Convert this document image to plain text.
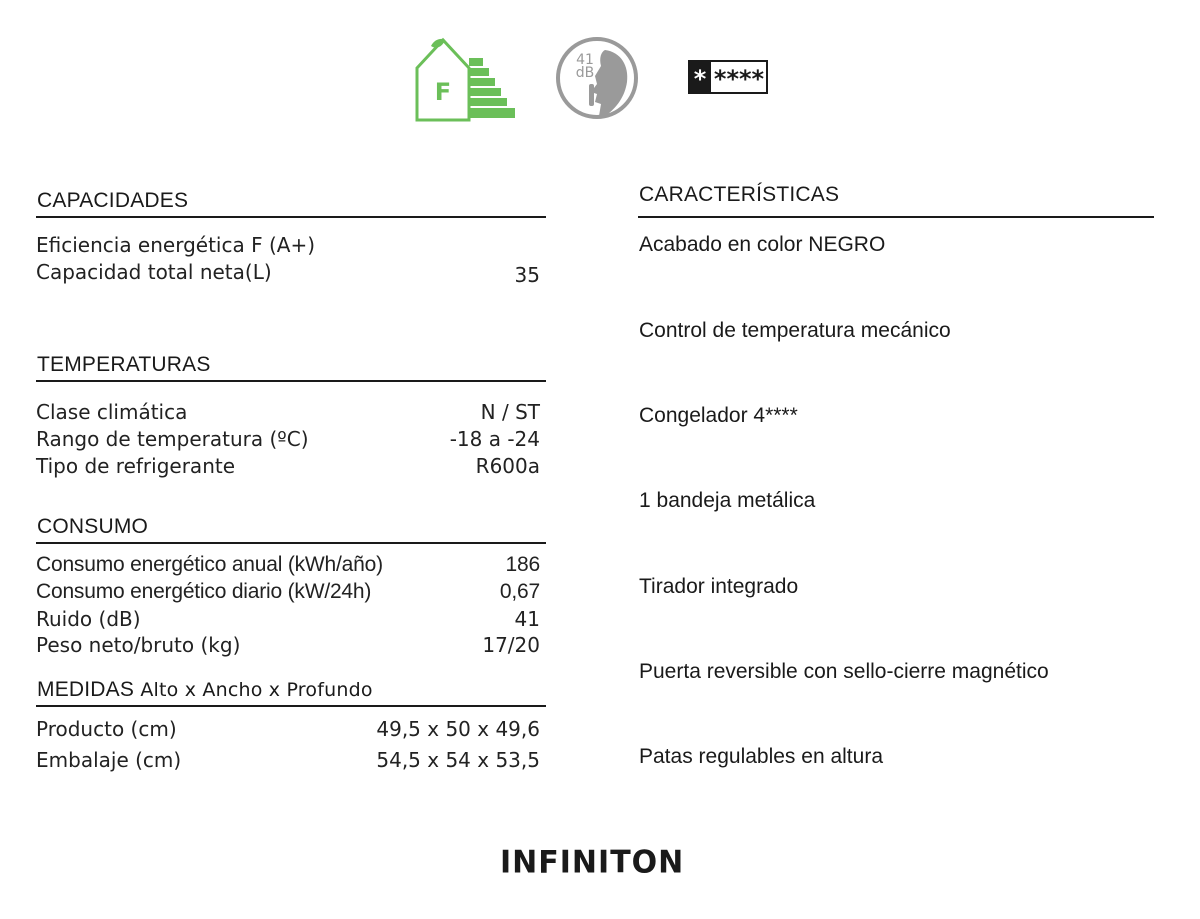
F
41
dB	* ****
CAPACIDADES
Eficiencia energética F (A+)
Capacidad total neta(L)	35
TEMPERATURAS
Clase climática	N / ST
Rango de temperatura (ºC)	-18 a -24
Tipo de refrigerante	R600a
CONSUMO
Consumo energético anual (kWh/año)	186
Consumo energético diario (kW/24h)	0,67
Ruido (dB)	41
Peso neto/bruto (kg)	17/20
MEDIDAS Alto x Ancho x Profundo
Producto (cm)	49,5 x 50 x 49,6
Embalaje (cm)	54,5 x 54 x 53,5
CARACTERÍSTICAS
Acabado en color NEGRO
Control de temperatura mecánico
Congelador 4****
1 bandeja metálica
Tirador integrado
Puerta reversible con sello-cierre magnético
Patas regulables en altura
INFINITON
